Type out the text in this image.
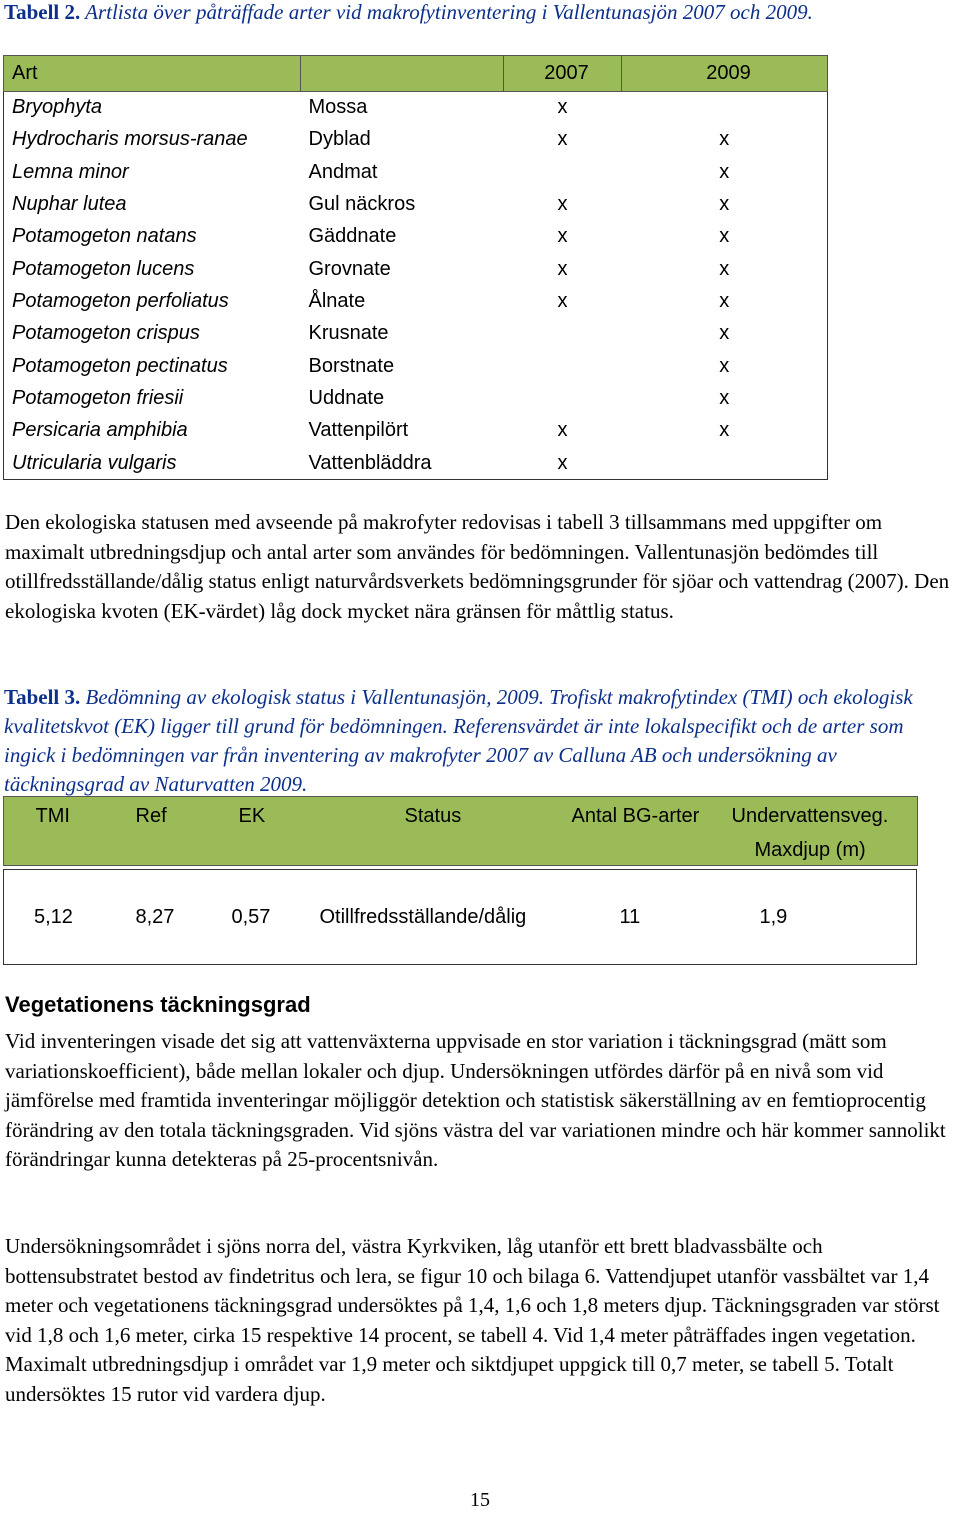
Tabell 2. Artlista över påträffade arter vid makrofytinventering i Vallentunasjön 2007 och 2009.
Art		2007	2009
Bryophyta	Mossa	x	
Hydrocharis morsus-ranae	Dyblad	x	x
Lemna minor	Andmat		x
Nuphar lutea	Gul näckros	x	x
Potamogeton natans	Gäddnate	x	x
Potamogeton lucens	Grovnate	x	x
Potamogeton perfoliatus	Ålnate	x	x
Potamogeton crispus	Krusnate		x
Potamogeton pectinatus	Borstnate		x
Potamogeton friesii	Uddnate		x
Persicaria amphibia	Vattenpilört	x	x
Utricularia vulgaris	Vattenbläddra	x	
Den ekologiska statusen med avseende på makrofyter redovisas i tabell 3 tillsammans med uppgifter om maximalt utbredningsdjup och antal arter som användes för bedömningen. Vallentunasjön bedömdes till otillfredsställande/dålig status enligt naturvårdsverkets bedömningsgrunder för sjöar och vattendrag (2007). Den ekologiska kvoten (EK-värdet) låg dock mycket nära gränsen för måttlig status.
Tabell 3. Bedömning av ekologisk status i Vallentunasjön, 2009. Trofiskt makrofytindex (TMI) och ekologisk kvalitetskvot (EK) ligger till grund för bedömningen. Referensvärdet är inte lokalspecifikt och de arter som ingick i bedömningen var från inventering av makrofyter 2007 av Calluna AB och undersökning av täckningsgrad av Naturvatten 2009.
TMI	Ref	EK	Status	Antal BG-arter	Undervattensveg.
					Maxdjup (m)

5,12	8,27	0,57	Otillfredsställande/dålig	11	1,9
Vegetationens täckningsgrad
Vid inventeringen visade det sig att vattenväxterna uppvisade en stor variation i täckningsgrad (mätt som variationskoefficient), både mellan lokaler och djup. Undersökningen utfördes därför på en nivå som vid jämförelse med framtida inventeringar möjliggör detektion och statistisk säkerställning av en femtioprocentig förändring av den totala täckningsgraden. Vid sjöns västra del var variationen mindre och här kommer sannolikt förändringar kunna detekteras på 25-procentsnivån.
Undersökningsområdet i sjöns norra del, västra Kyrkviken, låg utanför ett brett bladvassbälte och bottensubstratet bestod av findetritus och lera, se figur 10 och bilaga 6. Vattendjupet utanför vassbältet var 1,4 meter och vegetationens täckningsgrad undersöktes på 1,4, 1,6 och 1,8 meters djup. Täckningsgraden var störst vid 1,8 och 1,6 meter, cirka 15 respektive 14 procent, se tabell 4. Vid 1,4 meter påträffades ingen vegetation. Maximalt utbredningsdjup i området var 1,9 meter och siktdjupet uppgick till 0,7 meter, se tabell 5. Totalt undersöktes 15 rutor vid vardera djup.
15
